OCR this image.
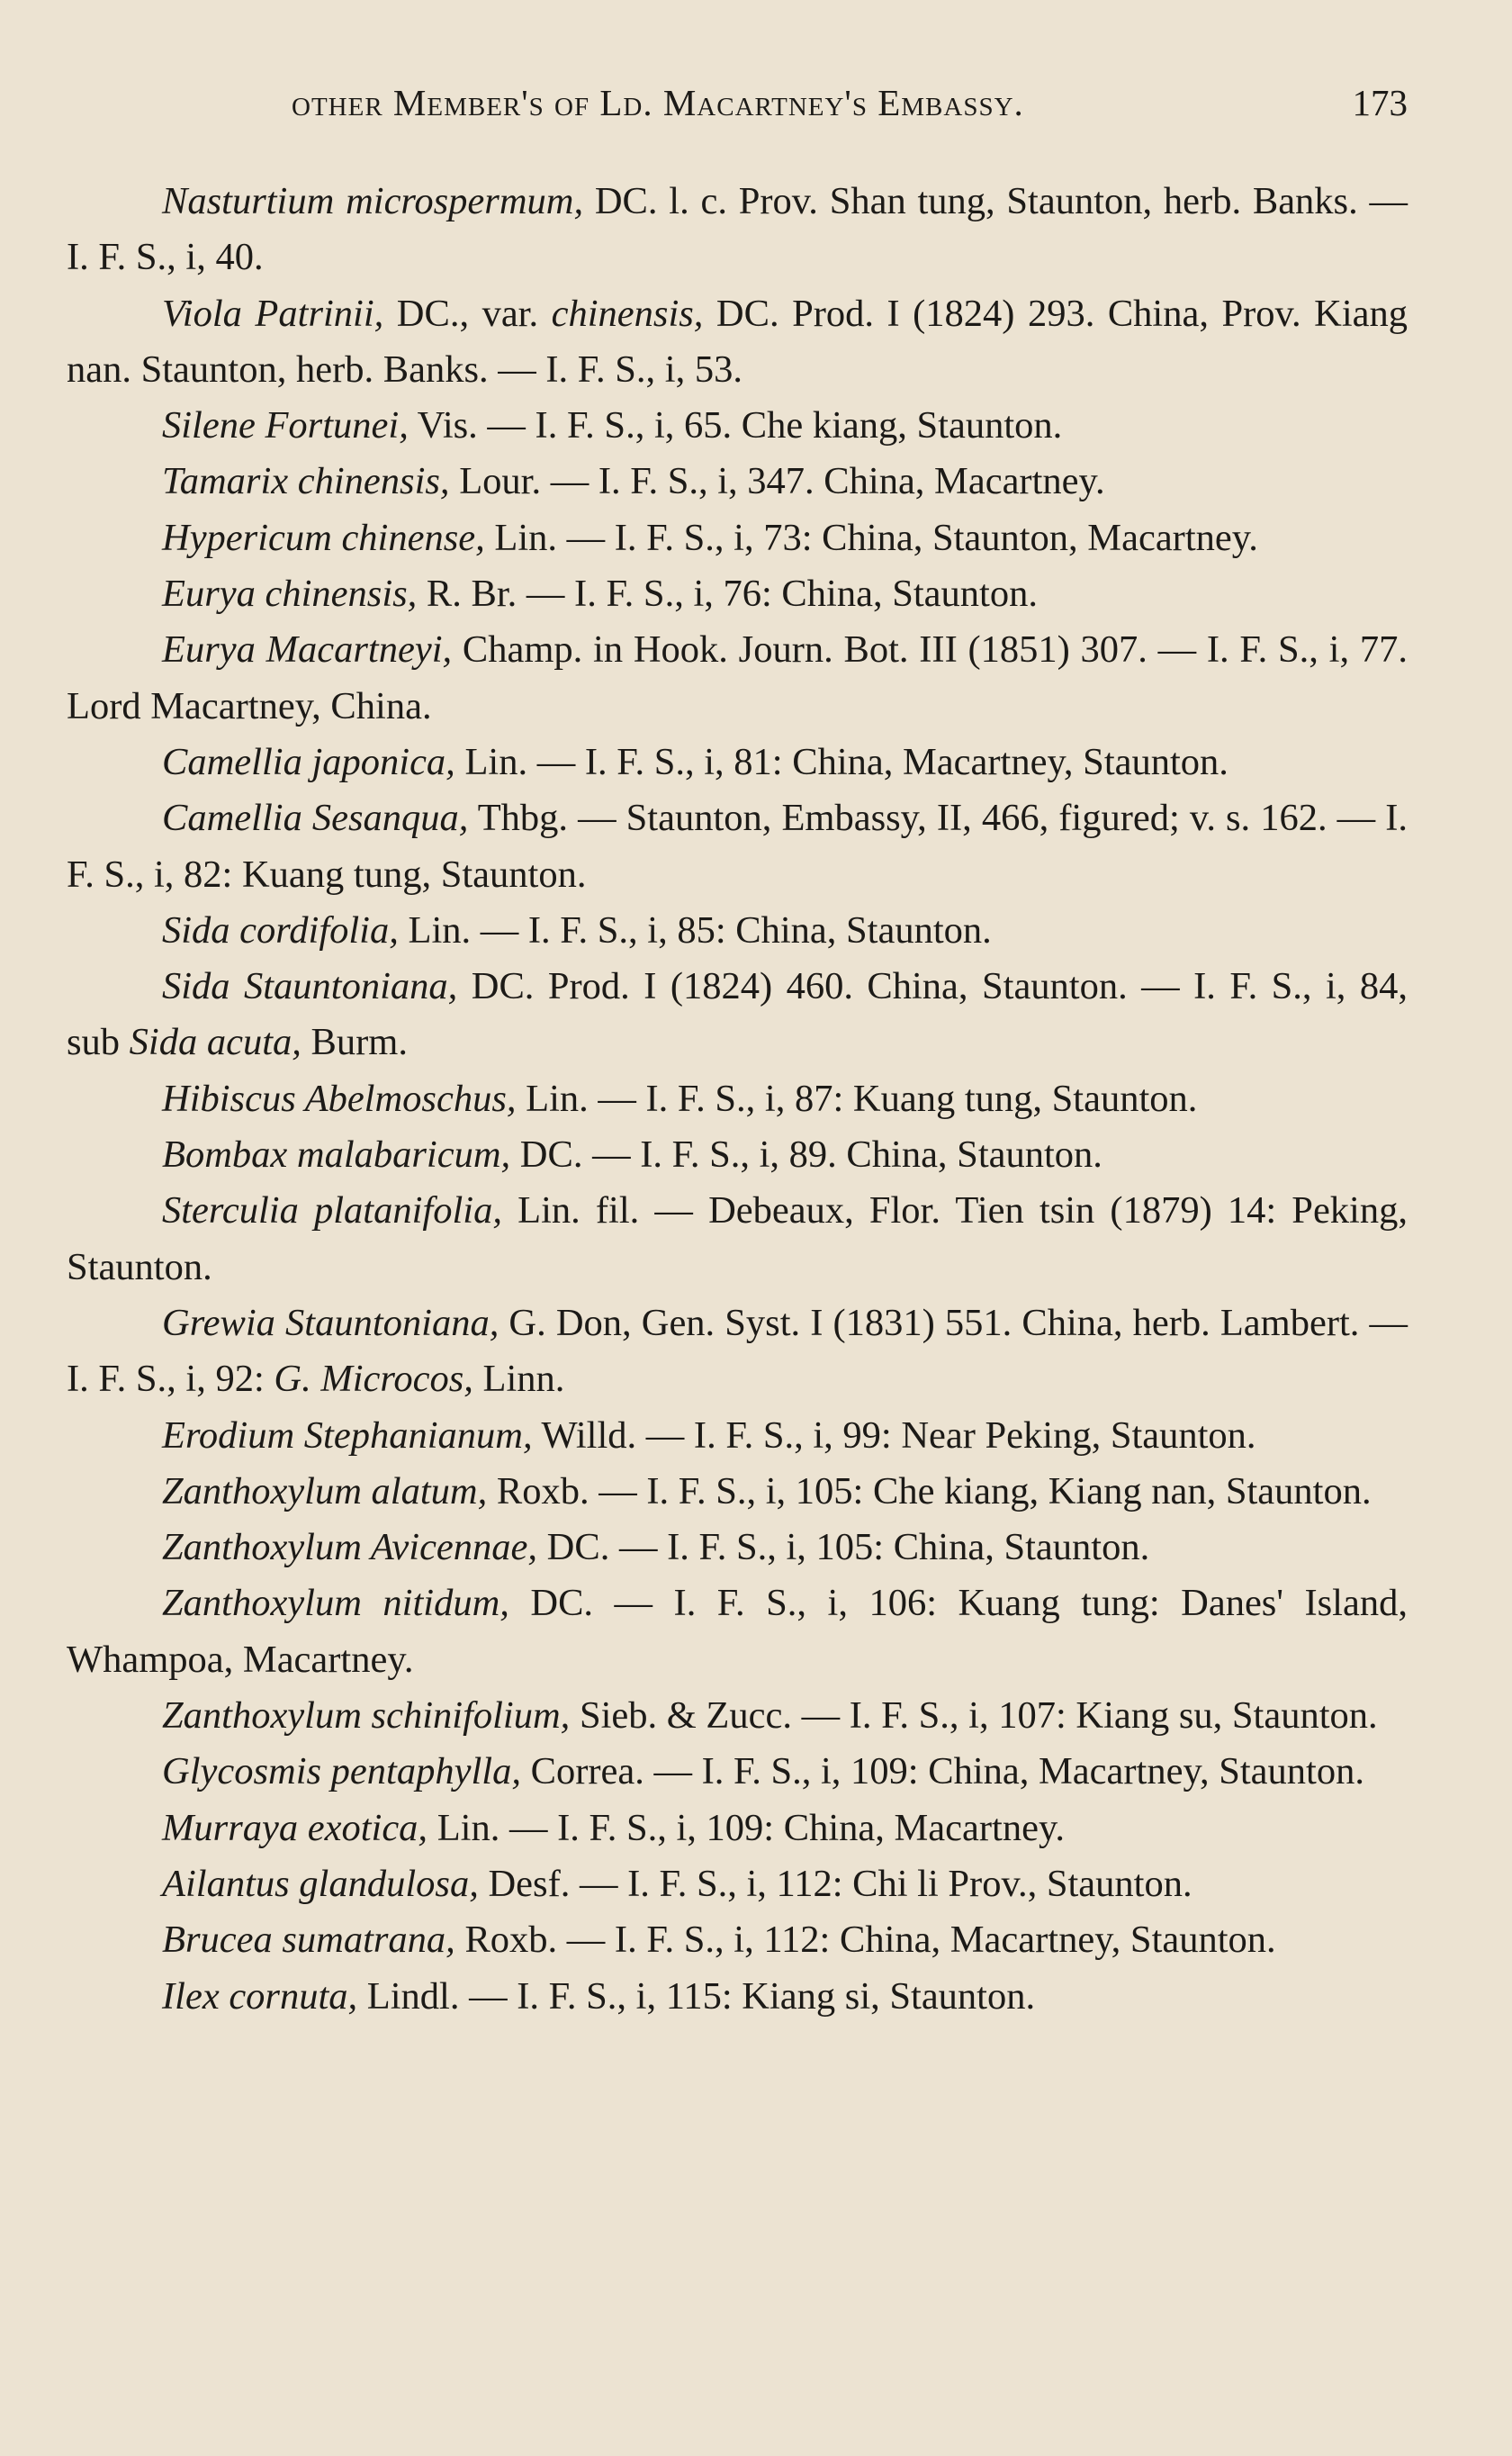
other Member's of Ld. Macartney's Embassy.	173

Nasturtium microspermum, DC. l. c. Prov. Shan tung, Staunton, herb. Banks. — I. F. S., i, 40.

Viola Patrinii, DC., var. chinensis, DC. Prod. I (1824) 293. China, Prov. Kiang nan. Staunton, herb. Banks. — I. F. S., i, 53.

Silene Fortunei, Vis. — I. F. S., i, 65. Che kiang, Staunton.

Tamarix chinensis, Lour. — I. F. S., i, 347. China, Macartney.

Hypericum chinense, Lin. — I. F. S., i, 73: China, Staunton, Macartney.

Eurya chinensis, R. Br. — I. F. S., i, 76: China, Staunton.

Eurya Macartneyi, Champ. in Hook. Journ. Bot. III (1851) 307. — I. F. S., i, 77. Lord Macartney, China.

Camellia japonica, Lin. — I. F. S., i, 81: China, Macartney, Staunton.

Camellia Sesanqua, Thbg. — Staunton, Embassy, II, 466, figured; v. s. 162. — I. F. S., i, 82: Kuang tung, Staunton.

Sida cordifolia, Lin. — I. F. S., i, 85: China, Staunton.

Sida Stauntoniana, DC. Prod. I (1824) 460. China, Staunton. — I. F. S., i, 84, sub Sida acuta, Burm.

Hibiscus Abelmoschus, Lin. — I. F. S., i, 87: Kuang tung, Staunton.

Bombax malabaricum, DC. — I. F. S., i, 89. China, Staunton.

Sterculia platanifolia, Lin. fil. — Debeaux, Flor. Tien tsin (1879) 14: Peking, Staunton.

Grewia Stauntoniana, G. Don, Gen. Syst. I (1831) 551. China, herb. Lambert. — I. F. S., i, 92: G. Microcos, Linn.

Erodium Stephanianum, Willd. — I. F. S., i, 99: Near Peking, Staunton.

Zanthoxylum alatum, Roxb. — I. F. S., i, 105: Che kiang, Kiang nan, Staunton.

Zanthoxylum Avicennae, DC. — I. F. S., i, 105: China, Staunton.

Zanthoxylum nitidum, DC. — I. F. S., i, 106: Kuang tung: Danes' Island, Whampoa, Macartney.

Zanthoxylum schinifolium, Sieb. & Zucc. — I. F. S., i, 107: Kiang su, Staunton.

Glycosmis pentaphylla, Correa. — I. F. S., i, 109: China, Macartney, Staunton.

Murraya exotica, Lin. — I. F. S., i, 109: China, Macartney.

Ailantus glandulosa, Desf. — I. F. S., i, 112: Chi li Prov., Staunton.

Brucea sumatrana, Roxb. — I. F. S., i, 112: China, Macartney, Staunton.

Ilex cornuta, Lindl. — I. F. S., i, 115: Kiang si, Staunton.
